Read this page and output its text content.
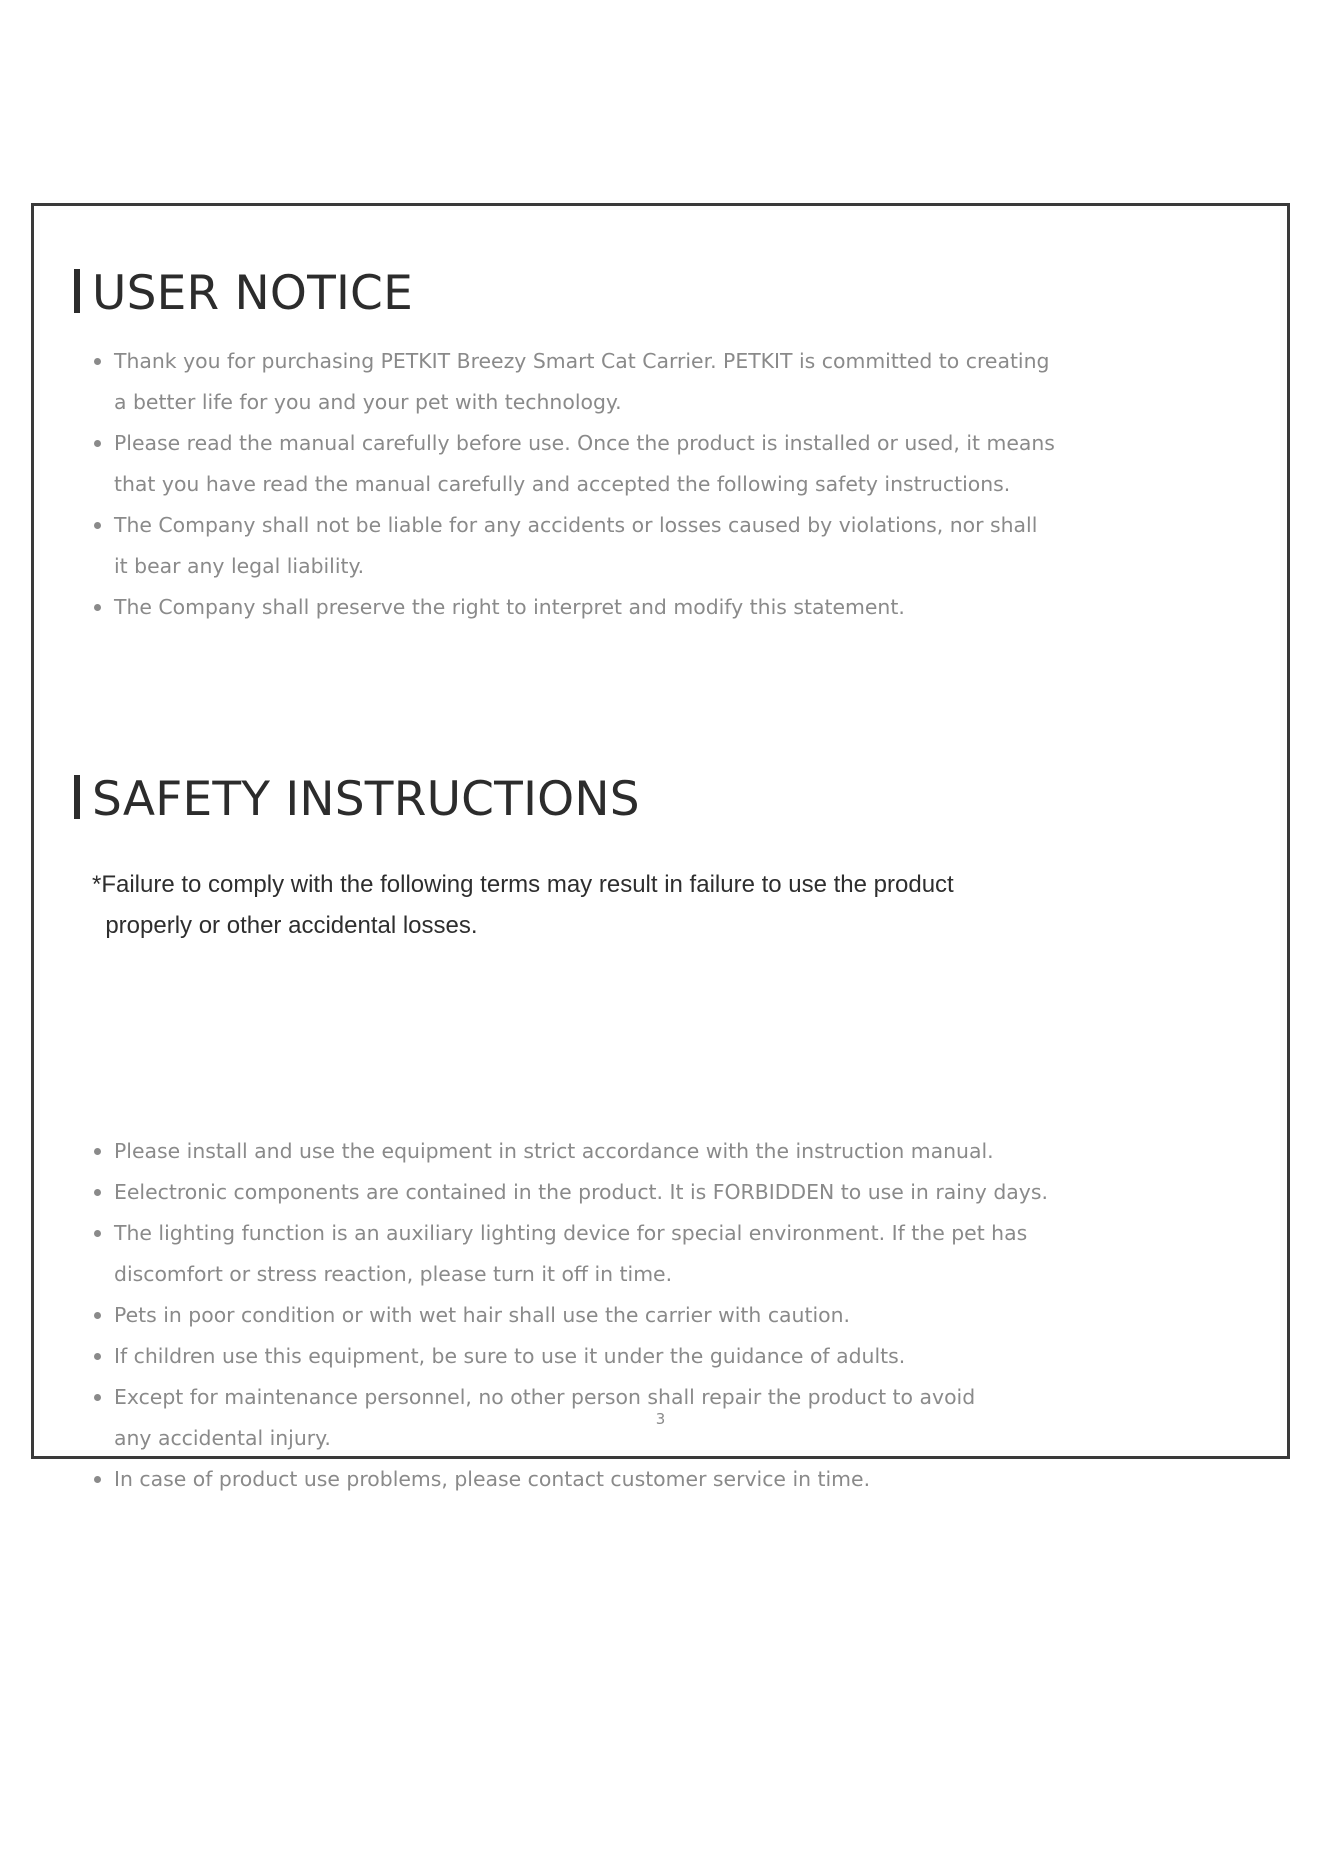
USER NOTICE
Thank you for purchasing PETKIT Breezy Smart Cat Carrier. PETKIT is committed to creating
a better life for you and your pet with technology.
Please read the manual carefully before use. Once the product is installed or used, it means
that you have read the manual carefully and accepted the following safety instructions.
The Company shall not be liable for any accidents or losses caused by violations, nor shall
it bear any legal liability.
The Company shall preserve the right to interpret and modify this statement.
SAFETY INSTRUCTIONS

*Failure to comply with the following terms may result in failure to use the product
properly or other accidental losses.

Please install and use the equipment in strict accordance with the instruction manual.
Eelectronic components are contained in the product. It is FORBIDDEN to use in rainy days.
The lighting function is an auxiliary lighting device for special environment. If the pet has
discomfort or stress reaction, please turn it off in time.
Pets in poor condition or with wet hair shall use the carrier with caution.
If children use this equipment, be sure to use it under the guidance of adults.
Except for maintenance personnel, no other person shall repair the product to avoid
any accidental injury.
In case of product use problems, please contact customer service in time.
3
